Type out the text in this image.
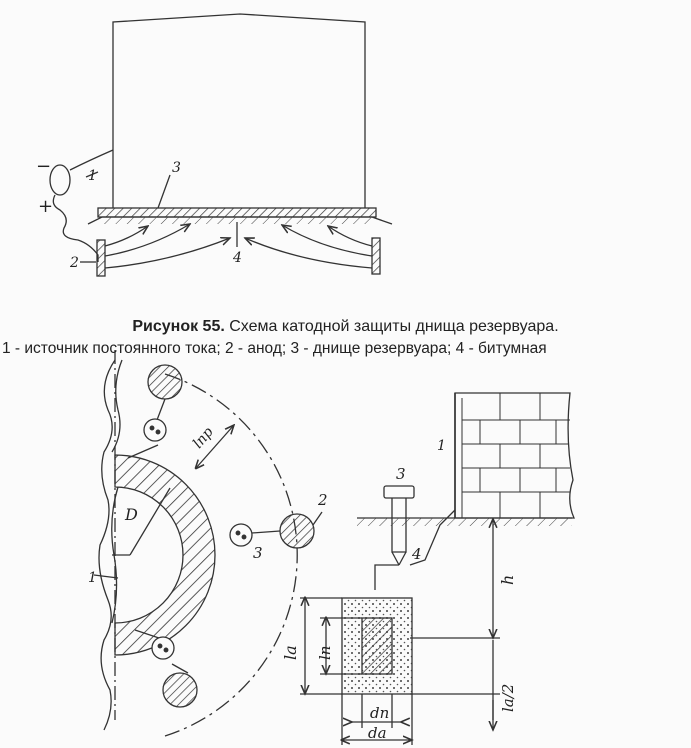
−
+
1
2
3
4
D
lпр
1
2
3
1
3
4
h
la lп
la/2
dп
da
Рисунок 55. Схема катодной защиты днища резервуара.
1 - источник постоянного тока; 2 - анод; 3 - днище резервуара; 4 - битумная
